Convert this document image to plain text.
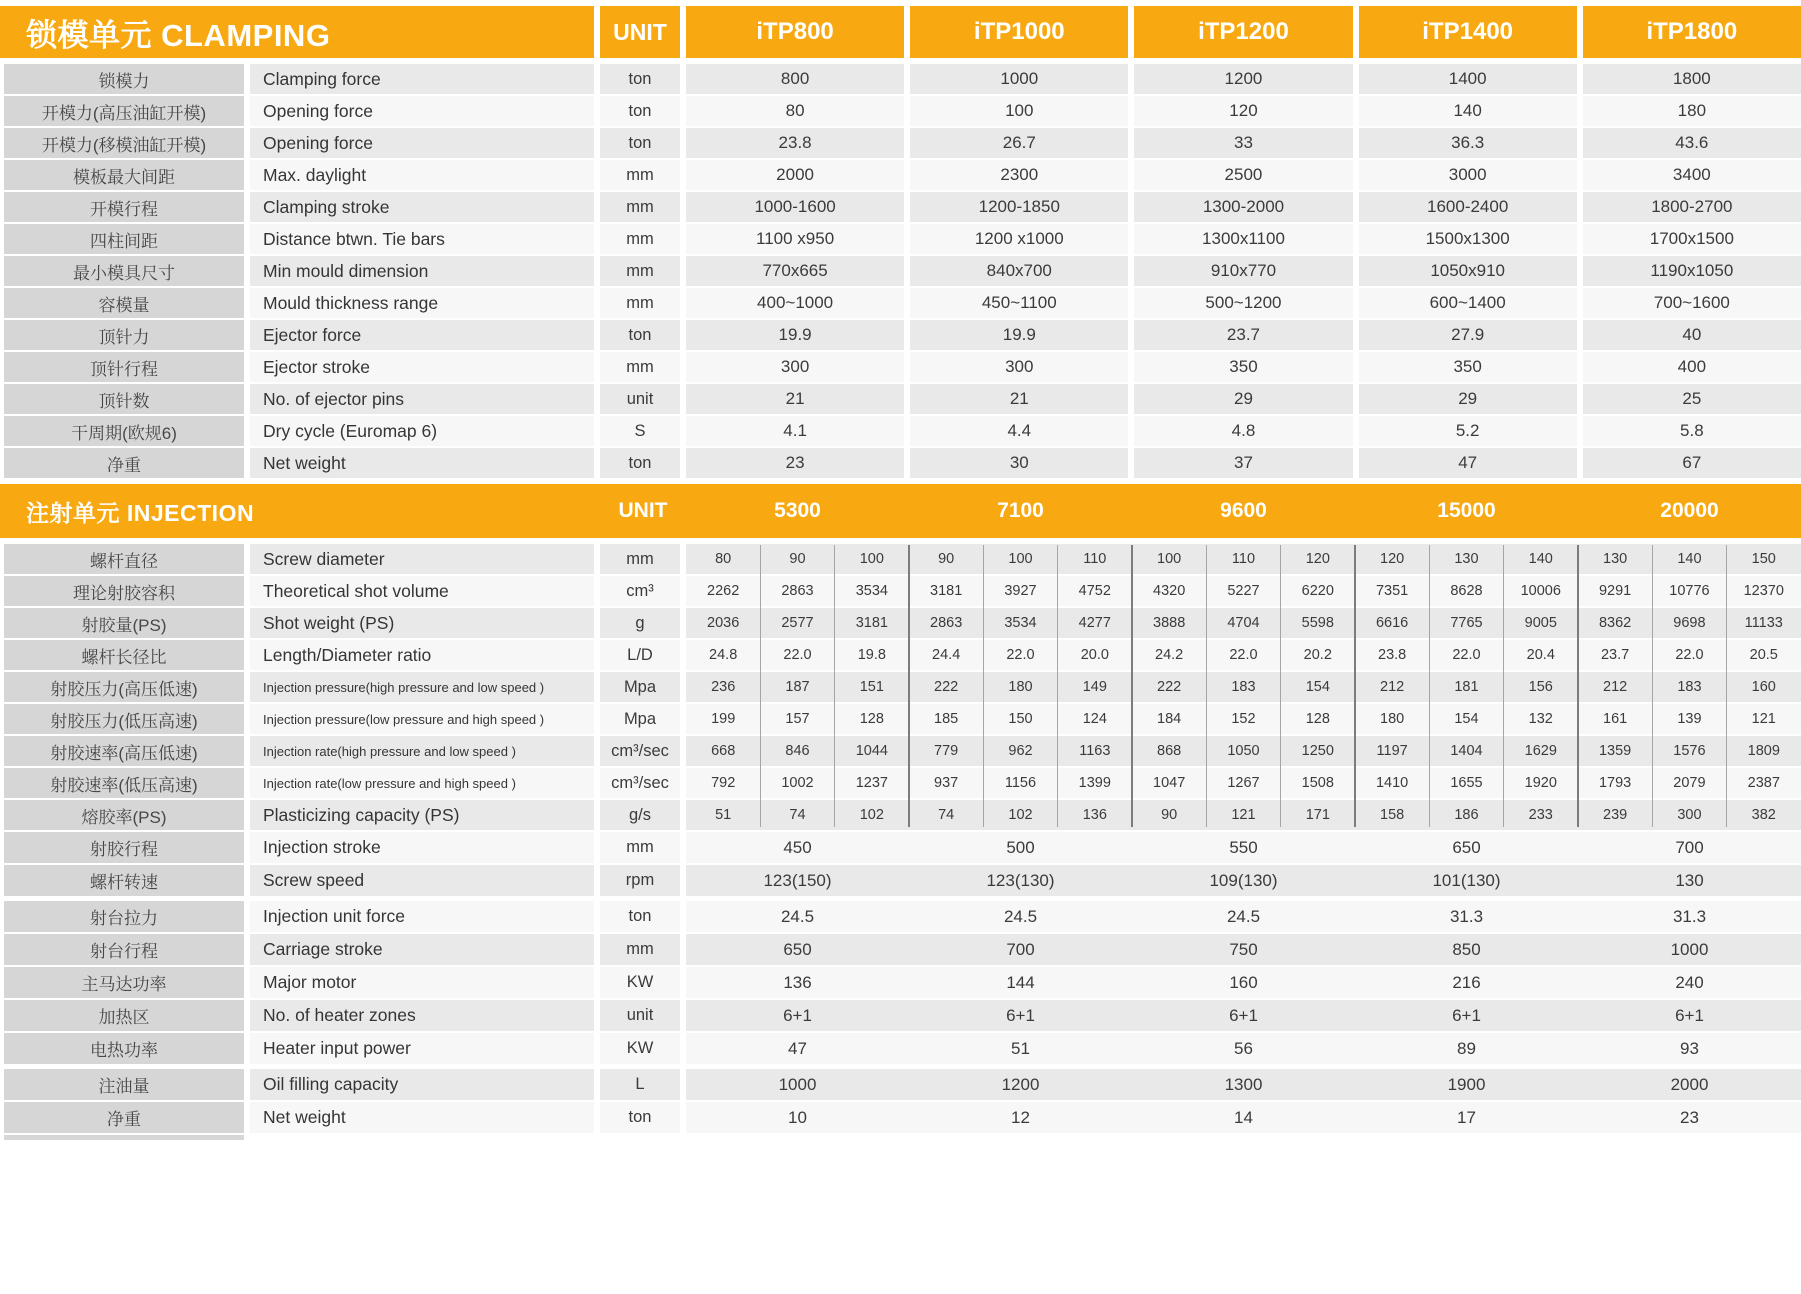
锁模单元 CLAMPING	UNIT	iTP800	iTP1000	iTP1200	iTP1400	iTP1800
锁模力	Clamping force	ton	800	1000	1200	1400	1800
开模力(高压油缸开模)	Opening force	ton	80	100	120	140	180
开模力(移模油缸开模)	Opening force	ton	23.8	26.7	33	36.3	43.6
模板最大间距	Max. daylight	mm	2000	2300	2500	3000	3400
开模行程	Clamping stroke	mm	1000-1600	1200-1850	1300-2000	1600-2400	1800-2700
四柱间距	Distance btwn. Tie bars	mm	1100 x950	1200 x1000	1300x1100	1500x1300	1700x1500
最小模具尺寸	Min mould dimension	mm	770x665	840x700	910x770	1050x910	1190x1050
容模量	Mould thickness range	mm	400~1000	450~1100	500~1200	600~1400	700~1600
顶针力	Ejector force	ton	19.9	19.9	23.7	27.9	40
顶针行程	Ejector stroke	mm	300	300	350	350	400
顶针数	No. of ejector pins	unit	21	21	29	29	25
干周期(欧规6)	Dry cycle (Euromap 6)	S	4.1	4.4	4.8	5.2	5.8
净重	Net weight	ton	23	30	37	47	67
注射单元 INJECTION	UNIT	5300	7100	9600	15000	20000
螺杆直径	Screw diameter	mm	80	90	100	90	100	110	100	110	120	120	130	140	130	140	150
理论射胶容积	Theoretical shot volume	cm³	2262	2863	3534	3181	3927	4752	4320	5227	6220	7351	8628	10006	9291	10776	12370
射胶量(PS)	Shot weight (PS)	g	2036	2577	3181	2863	3534	4277	3888	4704	5598	6616	7765	9005	8362	9698	11133
螺杆长径比	Length/Diameter ratio	L/D	24.8	22.0	19.8	24.4	22.0	20.0	24.2	22.0	20.2	23.8	22.0	20.4	23.7	22.0	20.5
射胶压力(高压低速)	Injection pressure(high pressure and low speed )	Mpa	236	187	151	222	180	149	222	183	154	212	181	156	212	183	160
射胶压力(低压高速)	Injection pressure(low pressure and high speed )	Mpa	199	157	128	185	150	124	184	152	128	180	154	132	161	139	121
射胶速率(高压低速)	Injection rate(high pressure and low speed )	cm³/sec	668	846	1044	779	962	1163	868	1050	1250	1197	1404	1629	1359	1576	1809
射胶速率(低压高速)	Injection rate(low pressure and high speed )	cm³/sec	792	1002	1237	937	1156	1399	1047	1267	1508	1410	1655	1920	1793	2079	2387
熔胶率(PS)	Plasticizing capacity (PS)	g/s	51	74	102	74	102	136	90	121	171	158	186	233	239	300	382
射胶行程	Injection stroke	mm	450	500	550	650	700
螺杆转速	Screw speed	rpm	123(150)	123(130)	109(130)	101(130)	130
射台拉力	Injection unit force	ton	24.5	24.5	24.5	31.3	31.3
射台行程	Carriage stroke	mm	650	700	750	850	1000
主马达功率	Major motor	KW	136	144	160	216	240
加热区	No. of heater zones	unit	6+1	6+1	6+1	6+1	6+1
电热功率	Heater input power	KW	47	51	56	89	93
注油量	Oil filling capacity	L	1000	1200	1300	1900	2000
净重	Net weight	ton	10	12	14	17	23
